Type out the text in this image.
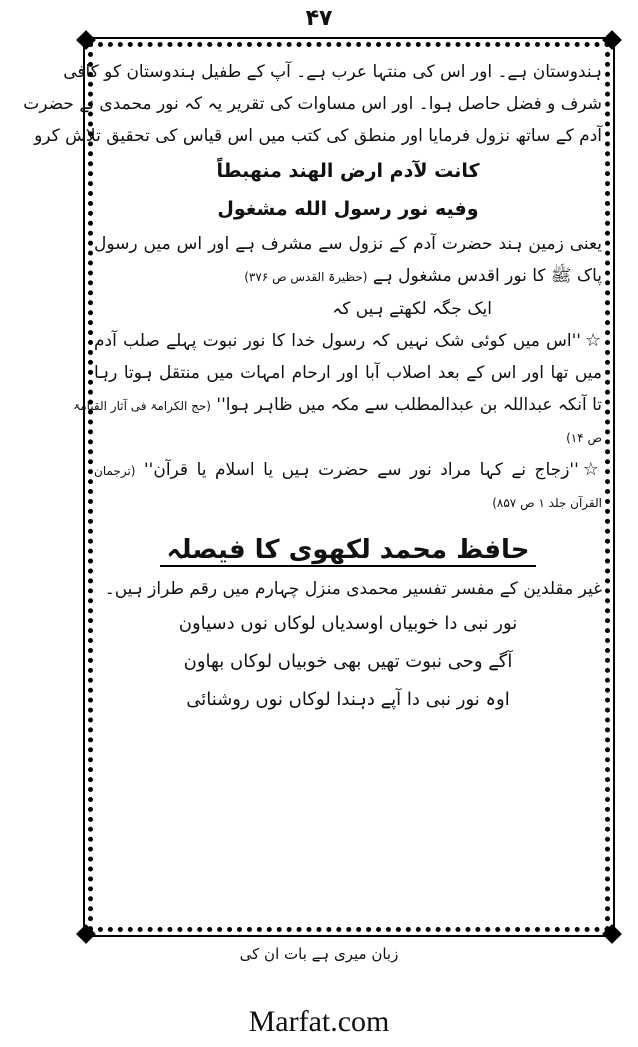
۴۷
ہندوستان ہے۔ اور اس کی منتہا عرب ہے۔ آپ کے طفیل ہندوستان کو کافی
شرف و فضل حاصل ہوا۔ اور اس مساوات کی تقریر یہ کہ نور محمدی نے حضرت
آدم کے ساتھ نزول فرمایا اور منطق کی کتب میں اس قیاس کی تحقیق تلاش کرو
كانت لآدم ارض الهند منهبطاً
وفيه نور رسول الله مشغول
یعنی زمین ہند حضرت آدم کے نزول سے مشرف ہے اور اس میں رسول
پاک ﷺ کا نور اقدس مشغول ہے (حظیرۃ القدس ص ۳۷۶)
ایک جگہ لکھتے ہیں کہ
☆''اس میں کوئی شک نہیں کہ رسول خدا کا نور نبوت پہلے صلب آدم
میں تھا اور اس کے بعد اصلاب آبا اور ارحام امہات میں منتقل ہوتا رہا
تا آنکہ عبداللہ بن عبدالمطلب سے مکہ میں ظاہر ہوا'' (حج الکرامۃ فی آثار القیامۃ
ص ۱۴)
☆''زجاج نے کہا مراد نور سے حضرت ہیں یا اسلام یا قرآن'' (ترجمان
القرآن جلد ۱ ص ۸۵۷)
حافظ محمد لکھوی کا فیصلہ
غیر مقلدین کے مفسر تفسیر محمدی منزل چہارم میں رقم طراز ہیں۔
نور نبی دا خوبیاں اوسدیاں لوکاں نوں دسیاون
آگے وحی نبوت تھیں بھی خوبیاں لوکاں بھاون
اوہ نور نبی دا آپے دہندا لوکاں نوں روشنائی
زبان میری ہے بات ان کی
Marfat.com
